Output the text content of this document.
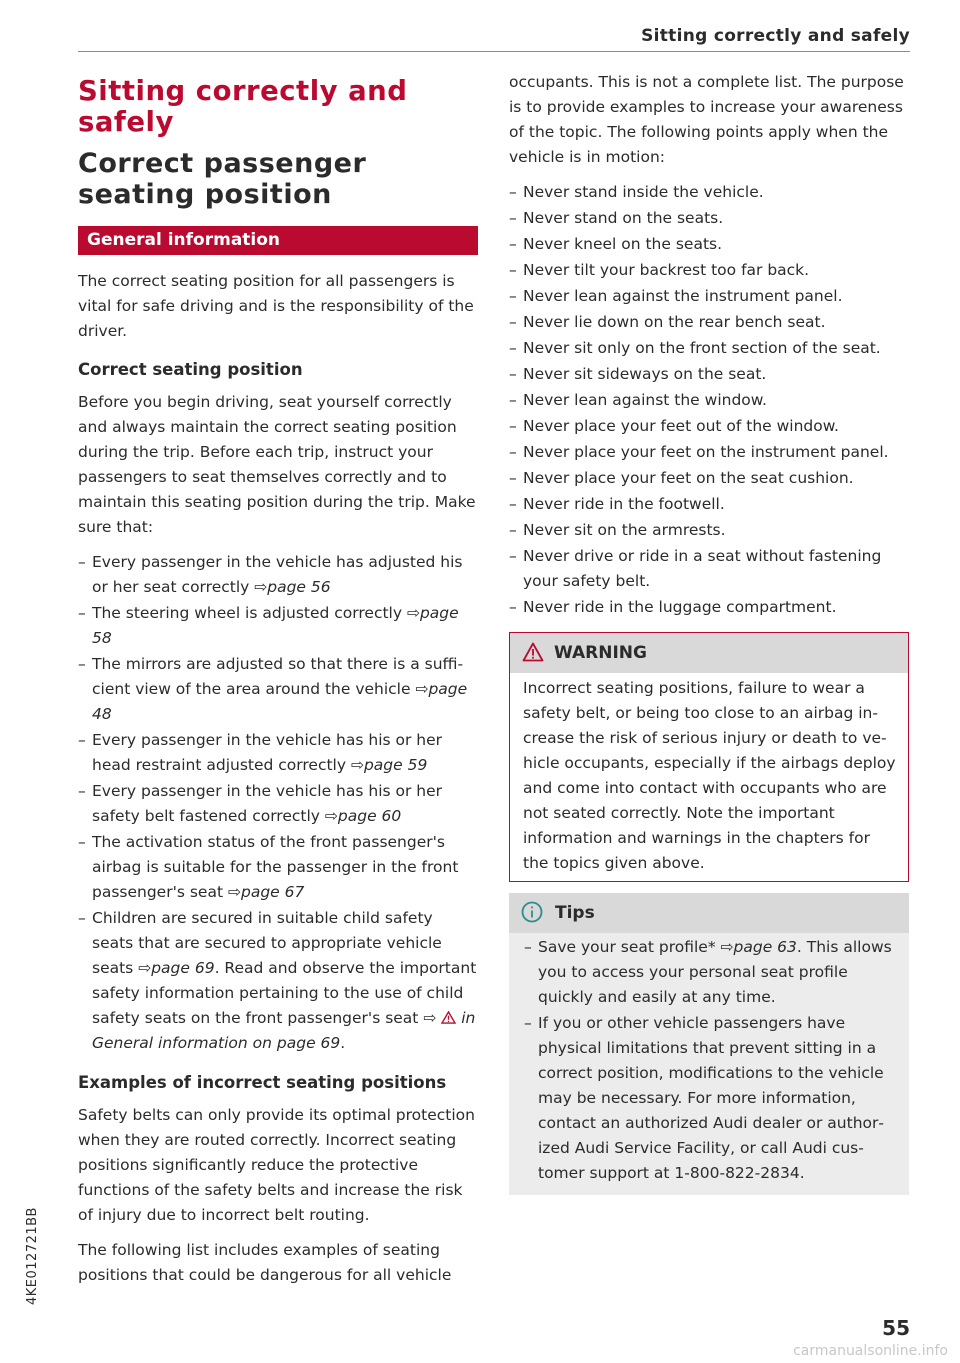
Sitting correctly and safely
Sitting correctly and
safely
Correct passenger
seating position
General information

The correct seating position for all passengers is vital for safe driving and is the responsibility of the driver.

Correct seating position

Before you begin driving, seat yourself correctly and always maintain the correct seating position during the trip. Before each trip, instruct your passengers to seat themselves correctly and to maintain this seating position during the trip. Make sure that:

– Every passenger in the vehicle has adjusted his or her seat correctly ⇨page 56
– The steering wheel is adjusted correctly ⇨page 58
– The mirrors are adjusted so that there is a sufficient view of the area around the vehicle ⇨page 48
– Every passenger in the vehicle has his or her head restraint adjusted correctly ⇨page 59
– Every passenger in the vehicle has his or her safety belt fastened correctly ⇨page 60
– The activation status of the front passenger's airbag is suitable for the passenger in the front passenger's seat ⇨page 67
– Children are secured in suitable child safety seats that are secured to appropriate vehicle seats ⇨page 69. Read and observe the important safety information pertaining to the use of child safety seats on the front passenger's seat ⇨ in General information on page 69.
Examples of incorrect seating positions

Safety belts can only provide its optimal protection when they are routed correctly. Incorrect seating positions significantly reduce the protective functions of the safety belts and increase the risk of injury due to incorrect belt routing.

The following list includes examples of seating positions that could be dangerous for all vehicle

occupants. This is not a complete list. The purpose is to provide examples to increase your awareness of the topic. The following points apply when the vehicle is in motion:

– Never stand inside the vehicle.
– Never stand on the seats.
– Never kneel on the seats.
– Never tilt your backrest too far back.
– Never lean against the instrument panel.
– Never lie down on the rear bench seat.
– Never sit only on the front section of the seat.
– Never sit sideways on the seat.
– Never lean against the window.
– Never place your feet out of the window.
– Never place your feet on the instrument panel.
– Never place your feet on the seat cushion.
– Never ride in the footwell.
– Never sit on the armrests.
– Never drive or ride in a seat without fastening your safety belt.
– Never ride in the luggage compartment.
WARNING

Incorrect seating positions, failure to wear a safety belt, or being too close to an airbag increase the risk of serious injury or death to vehicle occupants, especially if the airbags deploy and come into contact with occupants who are not seated correctly. Note the important information and warnings in the chapters for the topics given above.

Tips
– Save your seat profile* ⇨page 63. This allows you to access your personal seat profile quickly and easily at any time.
– If you or other vehicle passengers have physical limitations that prevent sitting in a correct position, modifications to the vehicle may be necessary. For more information, contact an authorized Audi dealer or authorized Audi Service Facility, or call Audi customer support at 1-800-822-2834.
4KE012721BB
55
carmanualsonline.info
